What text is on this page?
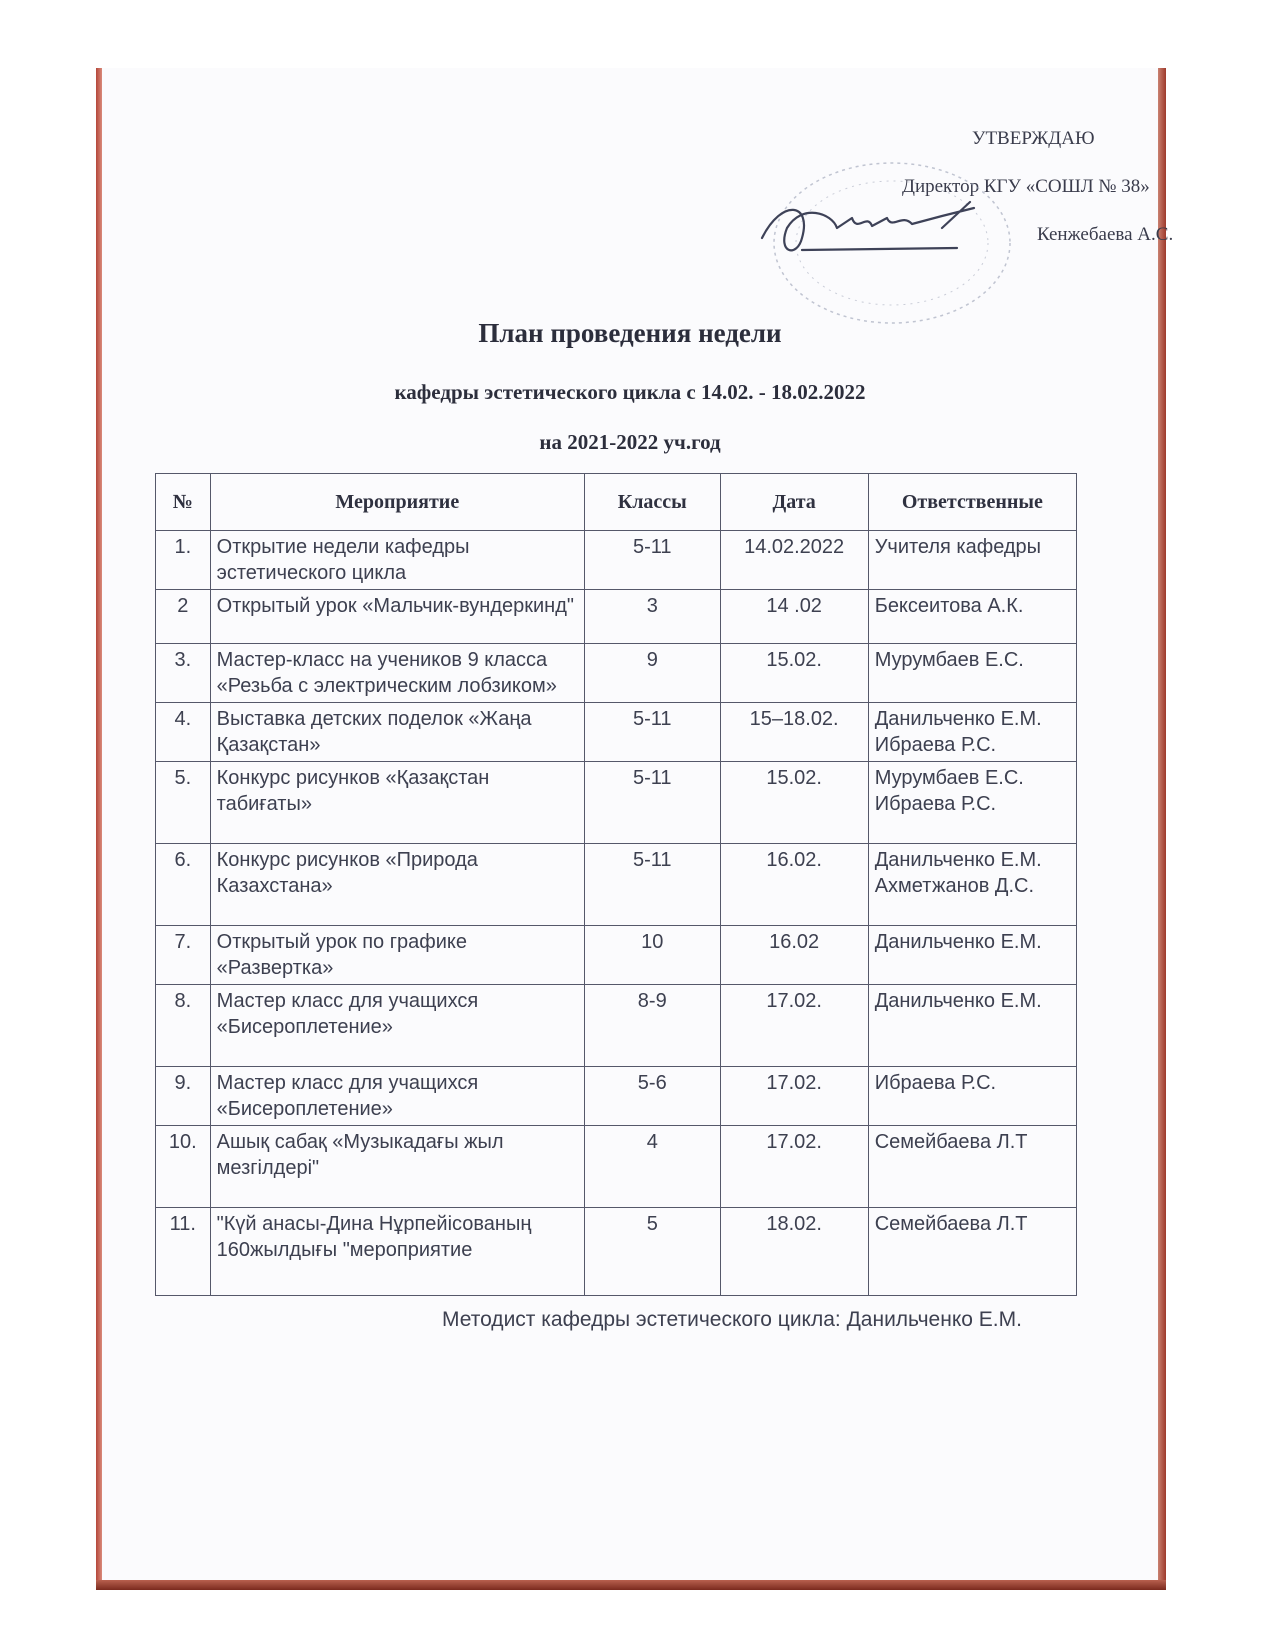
УТВЕРЖДАЮ
Директор КГУ «СОШЛ № 38»
Кенжебаева А.С.
План проведения недели
кафедры эстетического цикла с 14.02. - 18.02.2022
на 2021-2022 уч.год
№	Мероприятие	Классы	Дата	Ответственные
1.	Открытие недели кафедры эстетического цикла	5-11	14.02.2022	Учителя кафедры

2	Открытый урок «Мальчик-вундеркинд"	3	14 .02	Бексеитова А.К.

3.	Мастер-класс на учеников 9 класса «Резьба с электрическим лобзиком»	9	15.02.	Мурумбаев Е.С.

4.	Выставка детских поделок «Жаңа Қазақстан»	5-11	15–18.02.	Данильченко Е.М.
Ибраева Р.С.

5.	Конкурс рисунков «Қазақстан табиғаты»	5-11	15.02.	Мурумбаев Е.С.
Ибраева Р.С.

6.	Конкурс рисунков «Природа Казахстана»	5-11	16.02.	Данильченко Е.М.
Ахметжанов Д.С.

7.	Открытый урок по графике «Развертка»	10	16.02	Данильченко Е.М.

8.	Мастер класс для учащихся «Бисероплетение»	8-9	17.02.	Данильченко Е.М.

9.	Мастер класс для учащихся «Бисероплетение»	5-6	17.02.	Ибраева Р.С.

10.	Ашық сабақ «Музыкадағы жыл мезгілдері"	4	17.02.	Семейбаева Л.Т

11.	"Күй анасы-Дина Нұрпейісованың 160жылдығы "мероприятие	5	18.02.	Семейбаева Л.Т
Методист кафедры эстетического цикла: Данильченко Е.М.
